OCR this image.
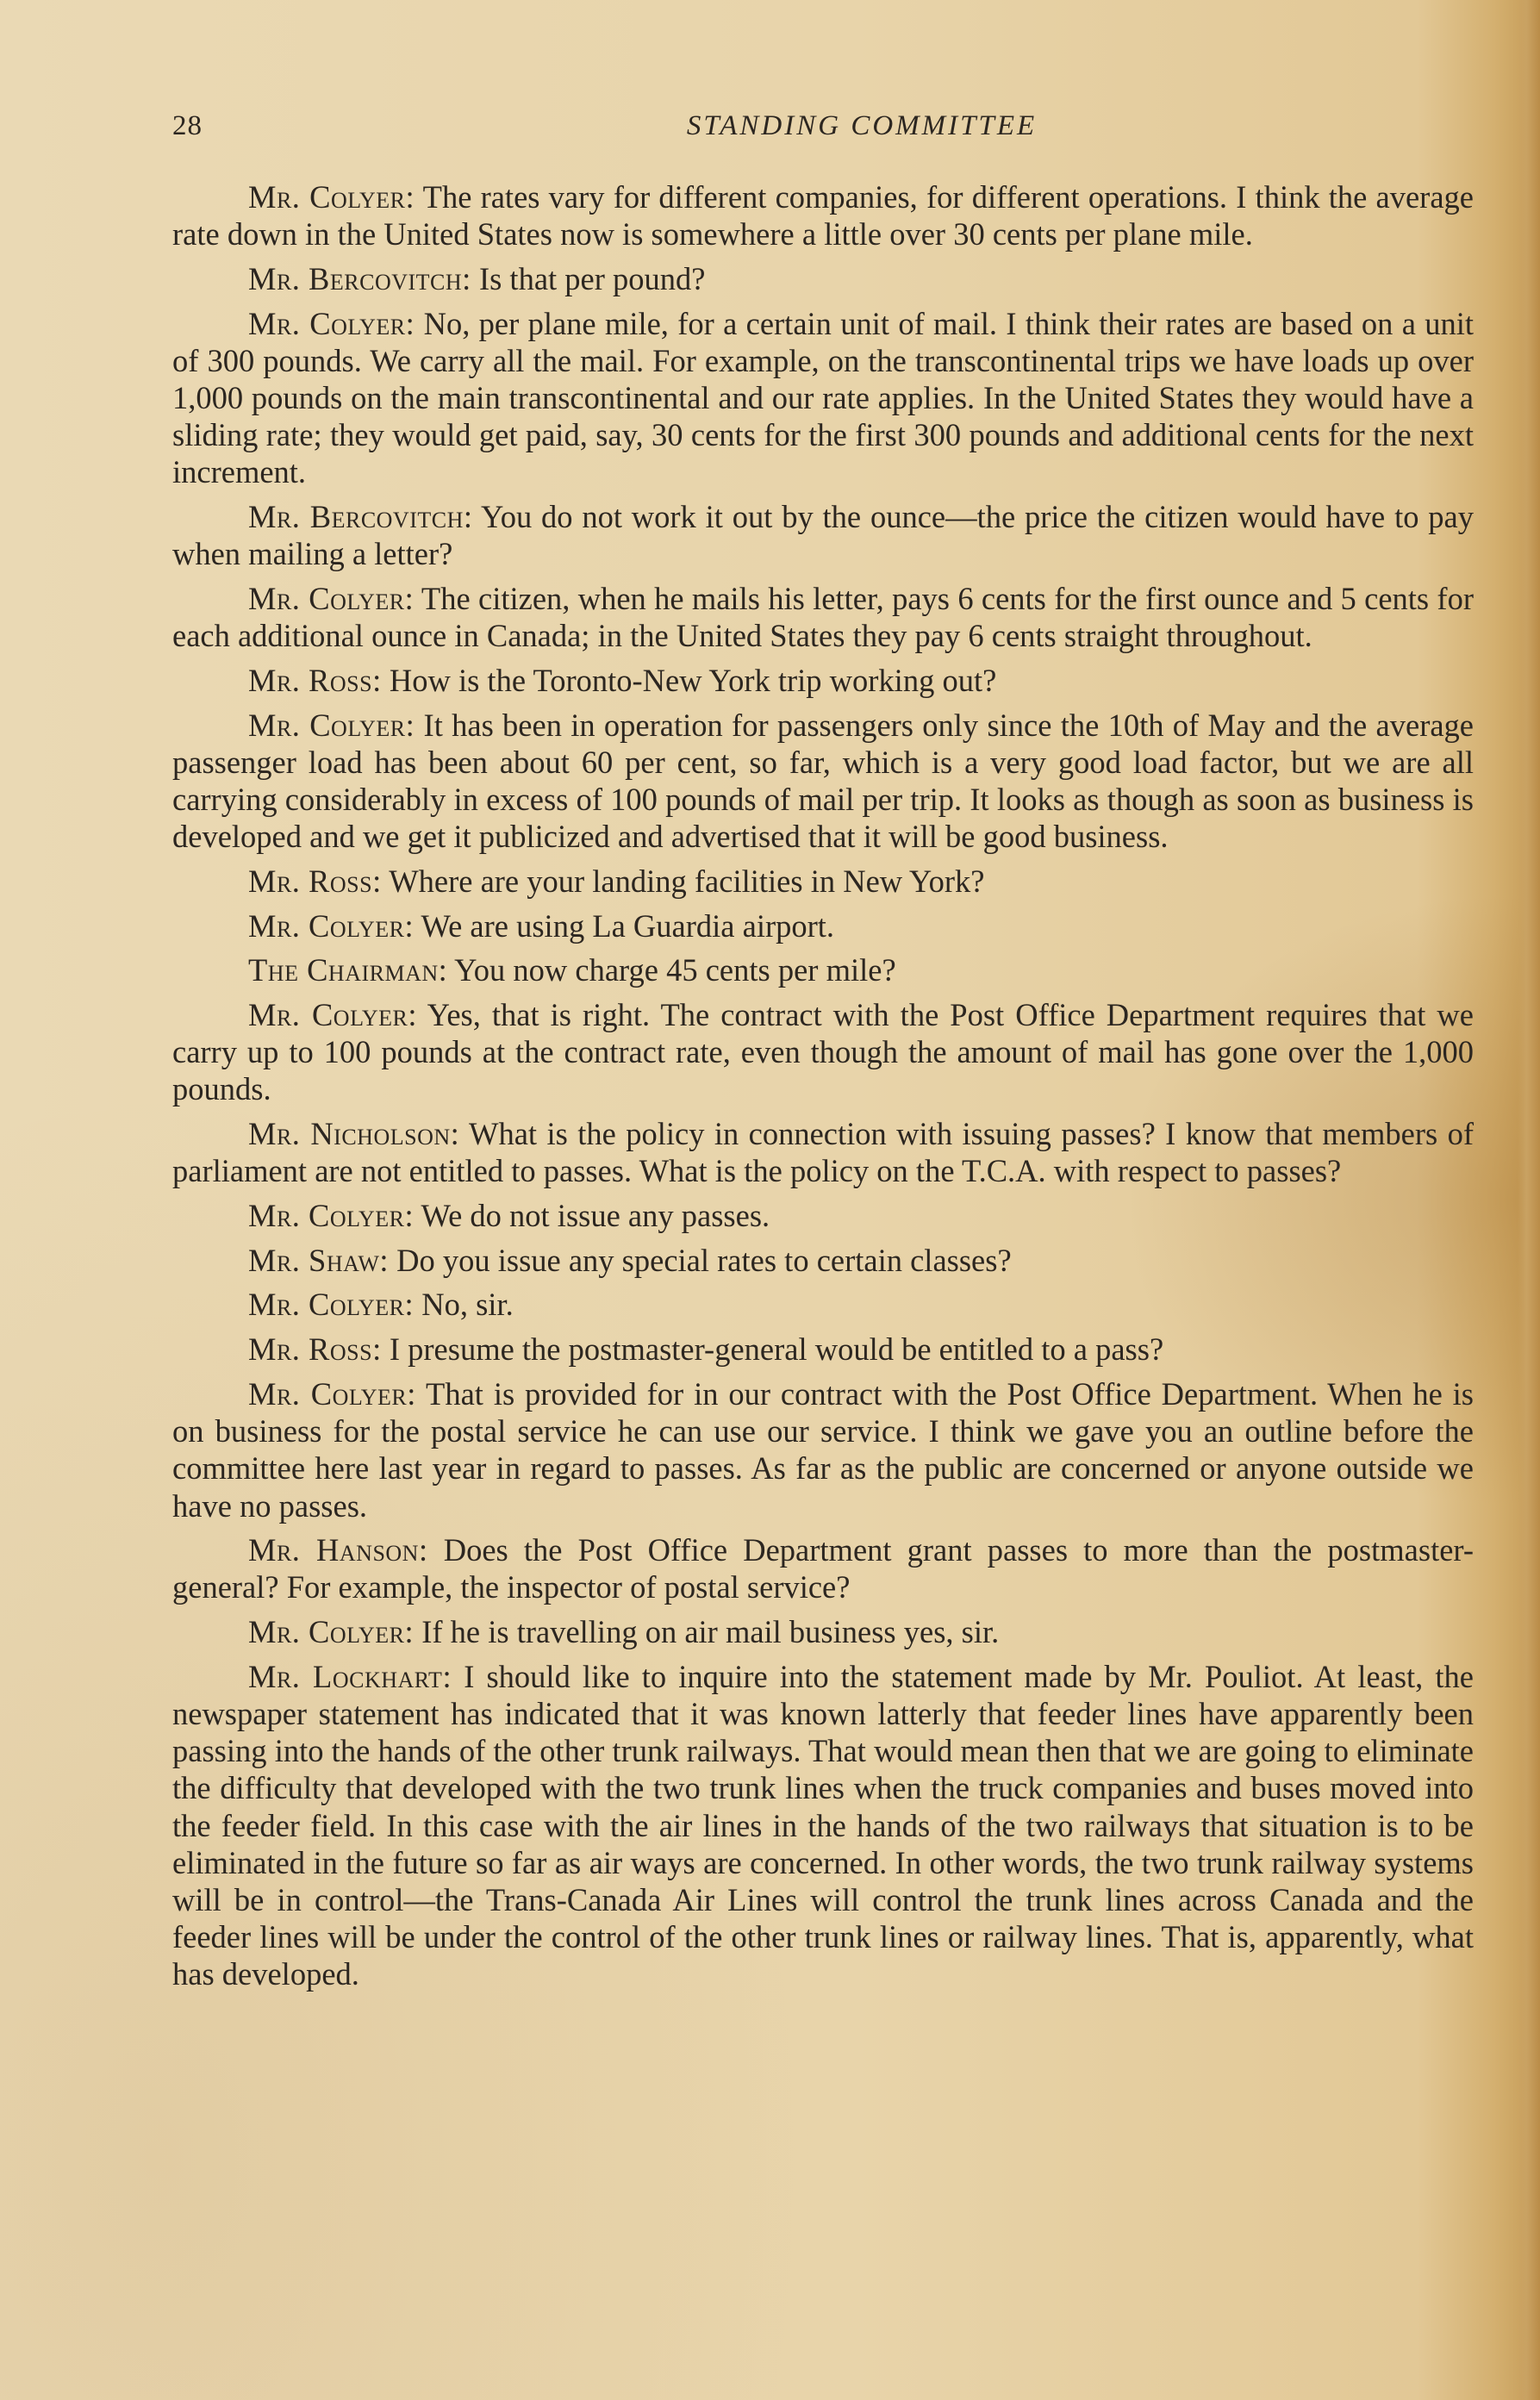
28	STANDING COMMITTEE

Mr. Colyer: The rates vary for different companies, for different operations. I think the average rate down in the United States now is somewhere a little over 30 cents per plane mile.

Mr. Bercovitch: Is that per pound?

Mr. Colyer: No, per plane mile, for a certain unit of mail. I think their rates are based on a unit of 300 pounds. We carry all the mail. For example, on the transcontinental trips we have loads up over 1,000 pounds on the main transcontinental and our rate applies. In the United States they would have a sliding rate; they would get paid, say, 30 cents for the first 300 pounds and additional cents for the next increment.

Mr. Bercovitch: You do not work it out by the ounce—the price the citizen would have to pay when mailing a letter?

Mr. Colyer: The citizen, when he mails his letter, pays 6 cents for the first ounce and 5 cents for each additional ounce in Canada; in the United States they pay 6 cents straight throughout.

Mr. Ross: How is the Toronto-New York trip working out?

Mr. Colyer: It has been in operation for passengers only since the 10th of May and the average passenger load has been about 60 per cent, so far, which is a very good load factor, but we are all carrying considerably in excess of 100 pounds of mail per trip. It looks as though as soon as business is developed and we get it publicized and advertised that it will be good business.

Mr. Ross: Where are your landing facilities in New York?

Mr. Colyer: We are using La Guardia airport.

The Chairman: You now charge 45 cents per mile?

Mr. Colyer: Yes, that is right. The contract with the Post Office Department requires that we carry up to 100 pounds at the contract rate, even though the amount of mail has gone over the 1,000 pounds.

Mr. Nicholson: What is the policy in connection with issuing passes? I know that members of parliament are not entitled to passes. What is the policy on the T.C.A. with respect to passes?

Mr. Colyer: We do not issue any passes.

Mr. Shaw: Do you issue any special rates to certain classes?

Mr. Colyer: No, sir.

Mr. Ross: I presume the postmaster-general would be entitled to a pass?

Mr. Colyer: That is provided for in our contract with the Post Office Department. When he is on business for the postal service he can use our service. I think we gave you an outline before the committee here last year in regard to passes. As far as the public are concerned or anyone outside we have no passes.

Mr. Hanson: Does the Post Office Department grant passes to more than the postmaster-general? For example, the inspector of postal service?

Mr. Colyer: If he is travelling on air mail business yes, sir.

Mr. Lockhart: I should like to inquire into the statement made by Mr. Pouliot. At least, the newspaper statement has indicated that it was known latterly that feeder lines have apparently been passing into the hands of the other trunk railways. That would mean then that we are going to eliminate the difficulty that developed with the two trunk lines when the truck companies and buses moved into the feeder field. In this case with the air lines in the hands of the two railways that situation is to be eliminated in the future so far as air ways are concerned. In other words, the two trunk railway systems will be in control—the Trans-Canada Air Lines will control the trunk lines across Canada and the feeder lines will be under the control of the other trunk lines or railway lines. That is, apparently, what has developed.
